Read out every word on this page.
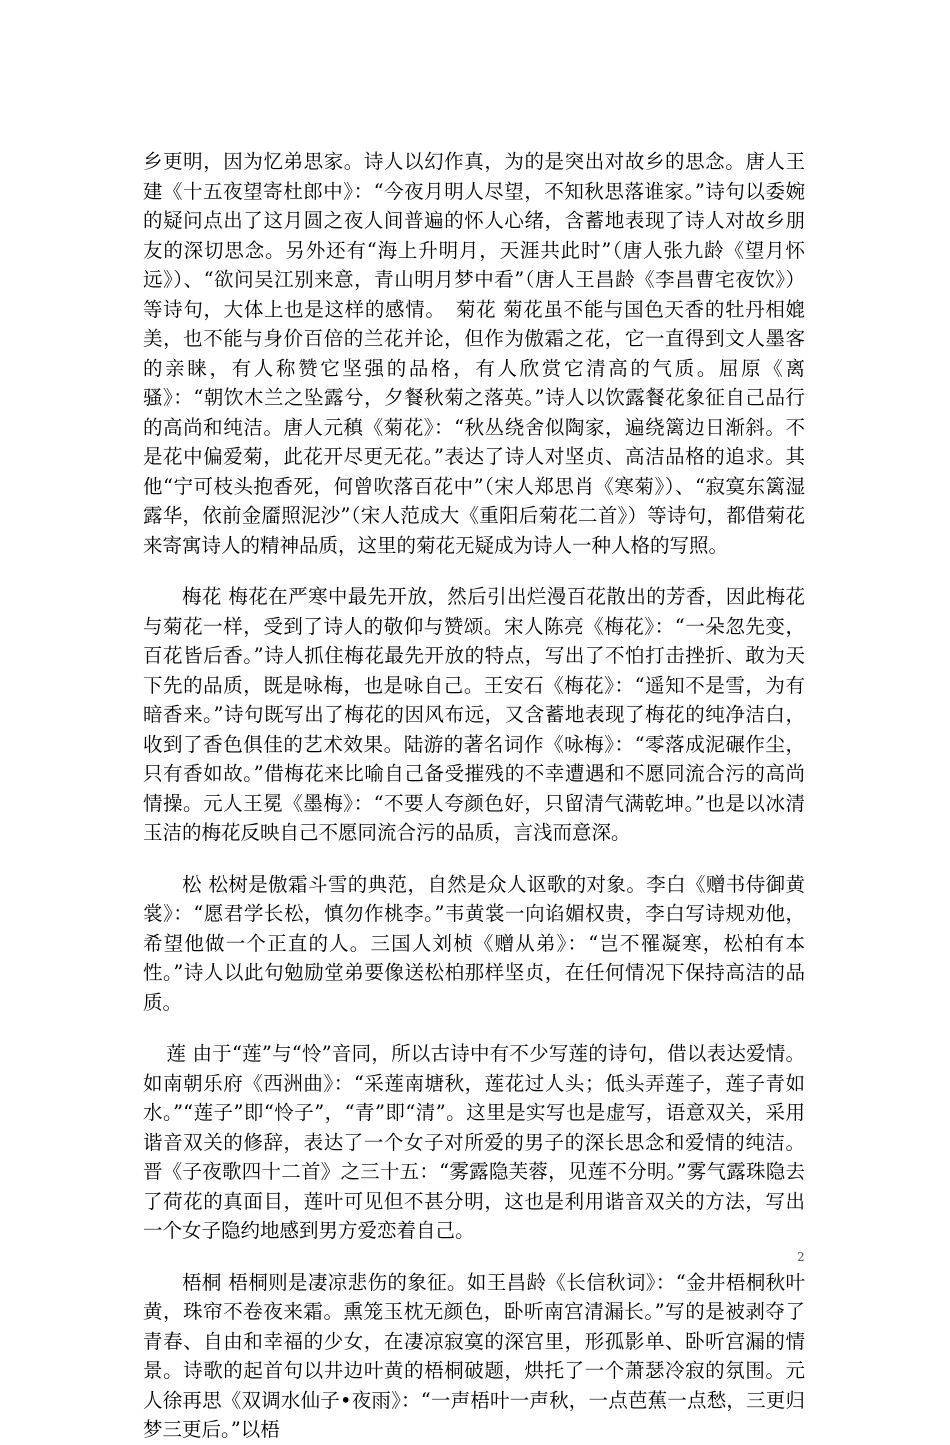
乡更明，因为忆弟思家。诗人以幻作真，为的是突出对故乡的思念。唐人王建《十五夜望寄杜郎中》：“今夜月明人尽望，不知秋思落谁家。”诗句以委婉的疑问点出了这月圆之夜人间普遍的怀人心绪，含蓄地表现了诗人对故乡朋友的深切思念。另外还有“海上升明月，天涯共此时”（唐人张九龄《望月怀远》）、“欲问吴江别来意，青山明月梦中看”（唐人王昌龄《李昌曹宅夜饮》）等诗句，大体上也是这样的感情。　菊花 菊花虽不能与国色天香的牡丹相媲美，也不能与身价百倍的兰花并论，但作为傲霜之花，它一直得到文人墨客的亲睐，有人称赞它坚强的品格，有人欣赏它清高的气质。屈原《离骚》：“朝饮木兰之坠露兮，夕餐秋菊之落英。”诗人以饮露餐花象征自己品行的高尚和纯洁。唐人元稹《菊花》：“秋丛绕舍似陶家，遍绕篱边日渐斜。不是花中偏爱菊，此花开尽更无花。”表达了诗人对坚贞、高洁品格的追求。其他“宁可枝头抱香死，何曾吹落百花中”（宋人郑思肖《寒菊》）、“寂寞东篱湿露华，依前金靥照泥沙”（宋人范成大《重阳后菊花二首》）等诗句，都借菊花来寄寓诗人的精神品质，这里的菊花无疑成为诗人一种人格的写照。

梅花 梅花在严寒中最先开放，然后引出烂漫百花散出的芳香，因此梅花与菊花一样，受到了诗人的敬仰与赞颂。宋人陈亮《梅花》：“一朵忽先变，百花皆后香。”诗人抓住梅花最先开放的特点，写出了不怕打击挫折、敢为天下先的品质，既是咏梅，也是咏自己。王安石《梅花》：“遥知不是雪，为有暗香来。”诗句既写出了梅花的因风布远，又含蓄地表现了梅花的纯净洁白，收到了香色俱佳的艺术效果。陆游的著名词作《咏梅》：“零落成泥碾作尘，只有香如故。”借梅花来比喻自己备受摧残的不幸遭遇和不愿同流合污的高尚情操。元人王冕《墨梅》：“不要人夸颜色好，只留清气满乾坤。”也是以冰清玉洁的梅花反映自己不愿同流合污的品质，言浅而意深。

松 松树是傲霜斗雪的典范，自然是众人讴歌的对象。李白《赠书侍御黄裳》：“愿君学长松，慎勿作桃李。”韦黄裳一向谄媚权贵，李白写诗规劝他，希望他做一个正直的人。三国人刘桢《赠从弟》：“岂不罹凝寒，松柏有本性。”诗人以此句勉励堂弟要像送松柏那样坚贞，在任何情况下保持高洁的品质。

莲 由于“莲”与“怜”音同，所以古诗中有不少写莲的诗句，借以表达爱情。如南朝乐府《西洲曲》：“采莲南塘秋，莲花过人头；低头弄莲子，莲子青如水。”“莲子”即“怜子”，“青”即“清”。这里是实写也是虚写，语意双关，采用谐音双关的修辞，表达了一个女子对所爱的男子的深长思念和爱情的纯洁。晋《子夜歌四十二首》之三十五：“雾露隐芙蓉，见莲不分明。”雾气露珠隐去了荷花的真面目，莲叶可见但不甚分明，这也是利用谐音双关的方法，写出一个女子隐约地感到男方爱恋着自己。

梧桐 梧桐则是凄凉悲伤的象征。如王昌龄《长信秋词》：“金井梧桐秋叶黄，珠帘不卷夜来霜。熏笼玉枕无颜色，卧听南宫清漏长。”写的是被剥夺了青春、自由和幸福的少女，在凄凉寂寞的深宫里，形孤影单、卧听宫漏的情景。诗歌的起首句以井边叶黄的梧桐破题，烘托了一个萧瑟冷寂的氛围。元人徐再思《双调水仙子•夜雨》：“一声梧叶一声秋，一点芭蕉一点愁，三更归梦三更后。”以梧

2
